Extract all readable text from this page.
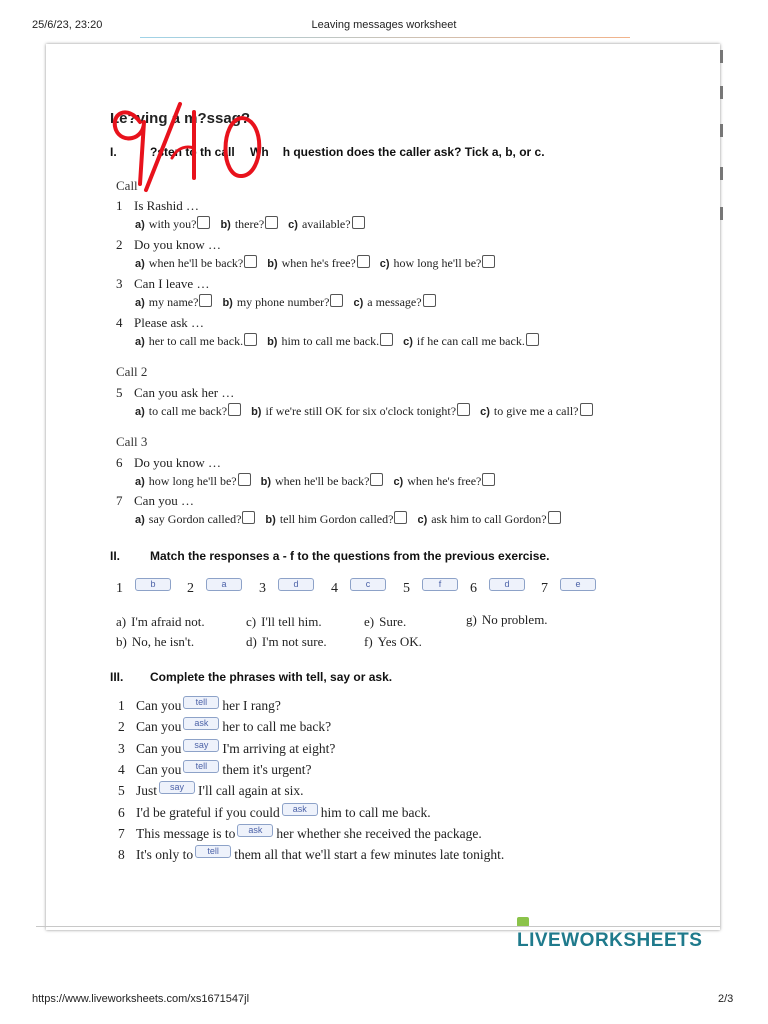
25/6/23, 23:20	Leaving messages worksheet
Call
1 Is Rashid …
a) with you? b) there? c) available?
2 Do you know …
a) when he'll be back? b) when he's free? c) how long he'll be?
3 Can I leave …
a) my name? b) my phone number? c) a message?
4 Please ask …
a) her to call me back. b) him to call me back. c) if he can call me back.
Call 2
5 Can you ask her …
a) to call me back? b) if we're still OK for six o'clock tonight? c) to give me a call?
Call 3
6 Do you know …
a) how long he'll be? b) when he'll be back? c) when he's free?
7 Can you …
a) say Gordon called? b) tell him Gordon called? c) ask him to call Gordon?
1	b	2	a	3	d	4	c	5	f	6	d	7	e
a) I'm afraid not.
b) No, he isn't.
c) I'll tell him.
d) I'm not sure.
e) Sure.
f) Yes OK.
g) No problem.
1 Can you tell her I rang?
2 Can you ask her to call me back?
3 Can you say I'm arriving at eight?
4 Can you tell them it's urgent?
5 Just say I'll call again at six.
6 I'd be grateful if you could ask him to call me back.
7 This message is to ask her whether she received the package.
8 It's only to tell them all that we'll start a few minutes late tonight.
Le?ving a m?ssag?
I.	?sten to th call Wh h question does the caller ask? Tick a, b, or c.
9/10
II. Match the responses a - f to the questions from the previous exercise.
III. Complete the phrases with tell, say or ask.
LIVEWORKSHEETS
https://www.liveworksheets.com/xs1671547jl	2/3
